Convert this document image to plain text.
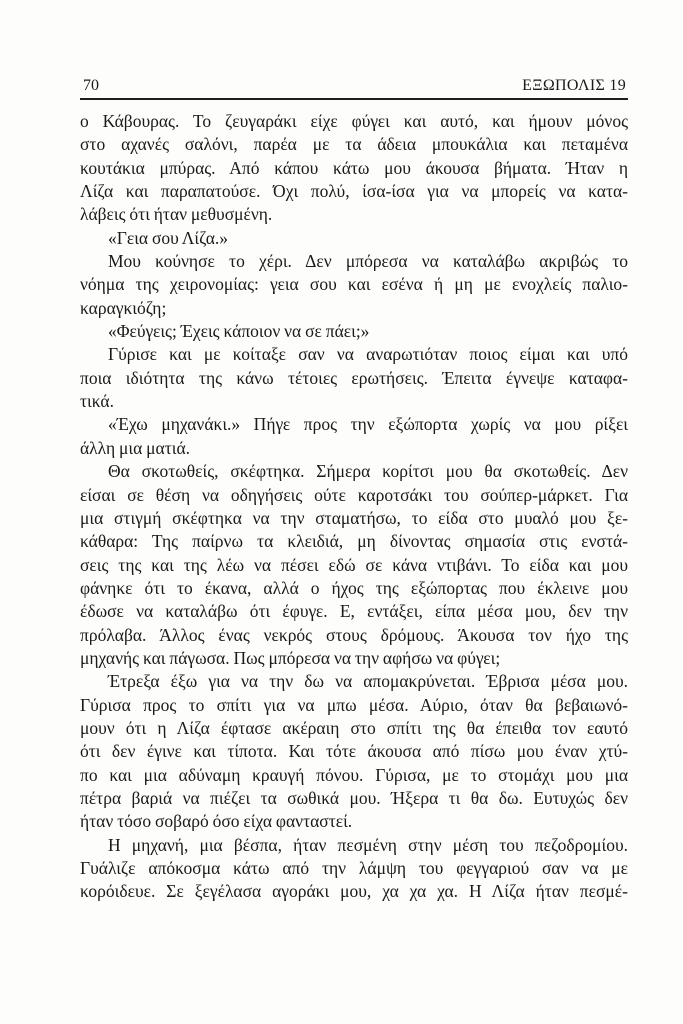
70	ΕΞΩΠΟΛΙΣ 19
ο Κάβουρας. Το ζευγαράκι είχε φύγει και αυτό, και ήμουν μόνος
στο αχανές σαλόνι, παρέα με τα άδεια μπουκάλια και πεταμένα
κουτάκια μπύρας. Από κάπου κάτω μου άκουσα βήματα. Ήταν η
Λίζα και παραπατούσε. Όχι πολύ, ίσα-ίσα για να μπορείς να κατα-
λάβεις ότι ήταν μεθυσμένη.
«Γεια σου Λίζα.»
Μου κούνησε το χέρι. Δεν μπόρεσα να καταλάβω ακριβώς το
νόημα της χειρονομίας: γεια σου και εσένα ή μη με ενοχλείς παλιο-
καραγκιόζη;
«Φεύγεις; Έχεις κάποιον να σε πάει;»
Γύρισε και με κοίταξε σαν να αναρωτιόταν ποιος είμαι και υπό
ποια ιδιότητα της κάνω τέτοιες ερωτήσεις. Έπειτα έγνεψε καταφα-
τικά.
«Έχω μηχανάκι.» Πήγε προς την εξώπορτα χωρίς να μου ρίξει
άλλη μια ματιά.
Θα σκοτωθείς, σκέφτηκα. Σήμερα κορίτσι μου θα σκοτωθείς. Δεν
είσαι σε θέση να οδηγήσεις ούτε καροτσάκι του σούπερ-μάρκετ. Για
μια στιγμή σκέφτηκα να την σταματήσω, το είδα στο μυαλό μου ξε-
κάθαρα: Της παίρνω τα κλειδιά, μη δίνοντας σημασία στις ενστά-
σεις της και της λέω να πέσει εδώ σε κάνα ντιβάνι. Το είδα και μου
φάνηκε ότι το έκανα, αλλά ο ήχος της εξώπορτας που έκλεινε μου
έδωσε να καταλάβω ότι έφυγε. Ε, εντάξει, είπα μέσα μου, δεν την
πρόλαβα. Άλλος ένας νεκρός στους δρόμους. Άκουσα τον ήχο της
μηχανής και πάγωσα. Πως μπόρεσα να την αφήσω να φύγει;
Έτρεξα έξω για να την δω να απομακρύνεται. Έβρισα μέσα μου.
Γύρισα προς το σπίτι για να μπω μέσα. Αύριο, όταν θα βεβαιωνό-
μουν ότι η Λίζα έφτασε ακέραιη στο σπίτι της θα έπειθα τον εαυτό
ότι δεν έγινε και τίποτα. Και τότε άκουσα από πίσω μου έναν χτύ-
πο και μια αδύναμη κραυγή πόνου. Γύρισα, με το στομάχι μου μια
πέτρα βαριά να πιέζει τα σωθικά μου. Ήξερα τι θα δω. Ευτυχώς δεν
ήταν τόσο σοβαρό όσο είχα φανταστεί.
Η μηχανή, μια βέσπα, ήταν πεσμένη στην μέση του πεζοδρομίου.
Γυάλιζε απόκοσμα κάτω από την λάμψη του φεγγαριού σαν να με
κορόιδευε. Σε ξεγέλασα αγοράκι μου, χα χα χα. Η Λίζα ήταν πεσμέ-
